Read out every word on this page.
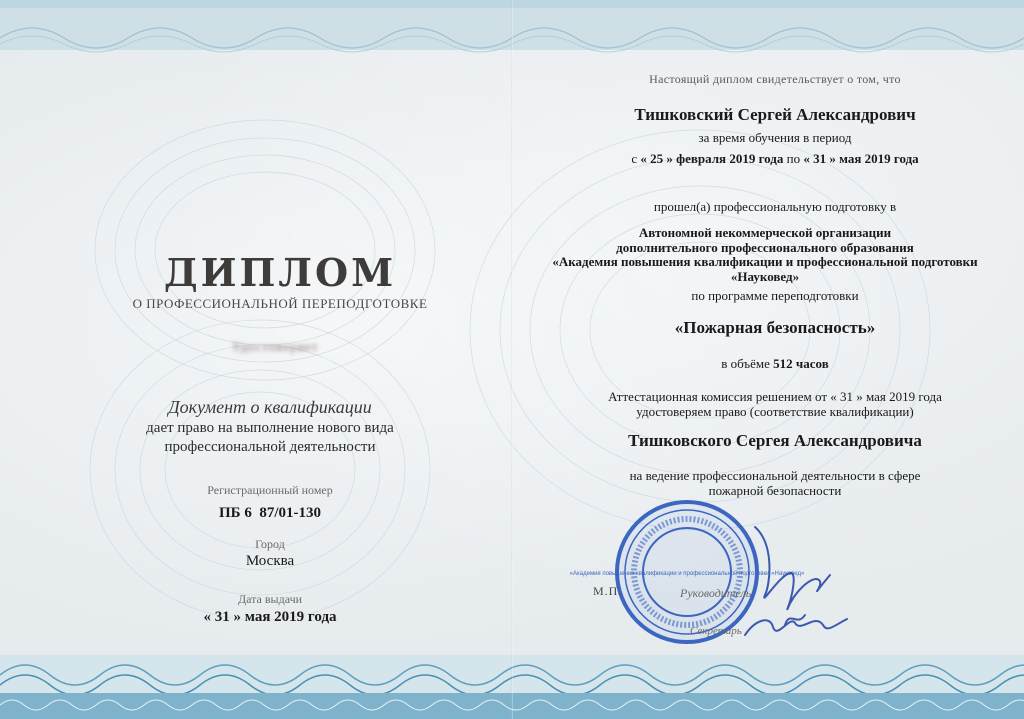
ДИПЛОМ
О ПРОФЕССИОНАЛЬНОЙ ПЕРЕПОДГОТОВКЕ
Удостоверяет
Документ о квалификации
дает право на выполнение нового вида
профессиональной деятельности
Регистрационный номер
ПБ 6  87/01-130
Город
Москва
Дата выдачи
« 31 » мая 2019 года
Настоящий диплом свидетельствует о том, что
Тишковский Сергей Александрович
за время обучения в период
с « 25 » февраля 2019 года по « 31 » мая 2019 года
прошел(а) профессиональную подготовку в
Автономной некоммерческой организации
дополнительного профессионального образования
«Академия повышения квалификации и профессиональной подготовки
«Науковед»
по программе переподготовки
«Пожарная безопасность»
в объёме 512 часов
Аттестационная комиссия решением от « 31 » мая 2019 года
удостоверяем право (соответствие квалификации)
Тишковского Сергея Александровича
на ведение профессиональной деятельности в сфере
пожарной безопасности
«Академия повышения квалификации и профессиональной подготовки «Науковед»
М.П.	Руководитель
Секретарь
